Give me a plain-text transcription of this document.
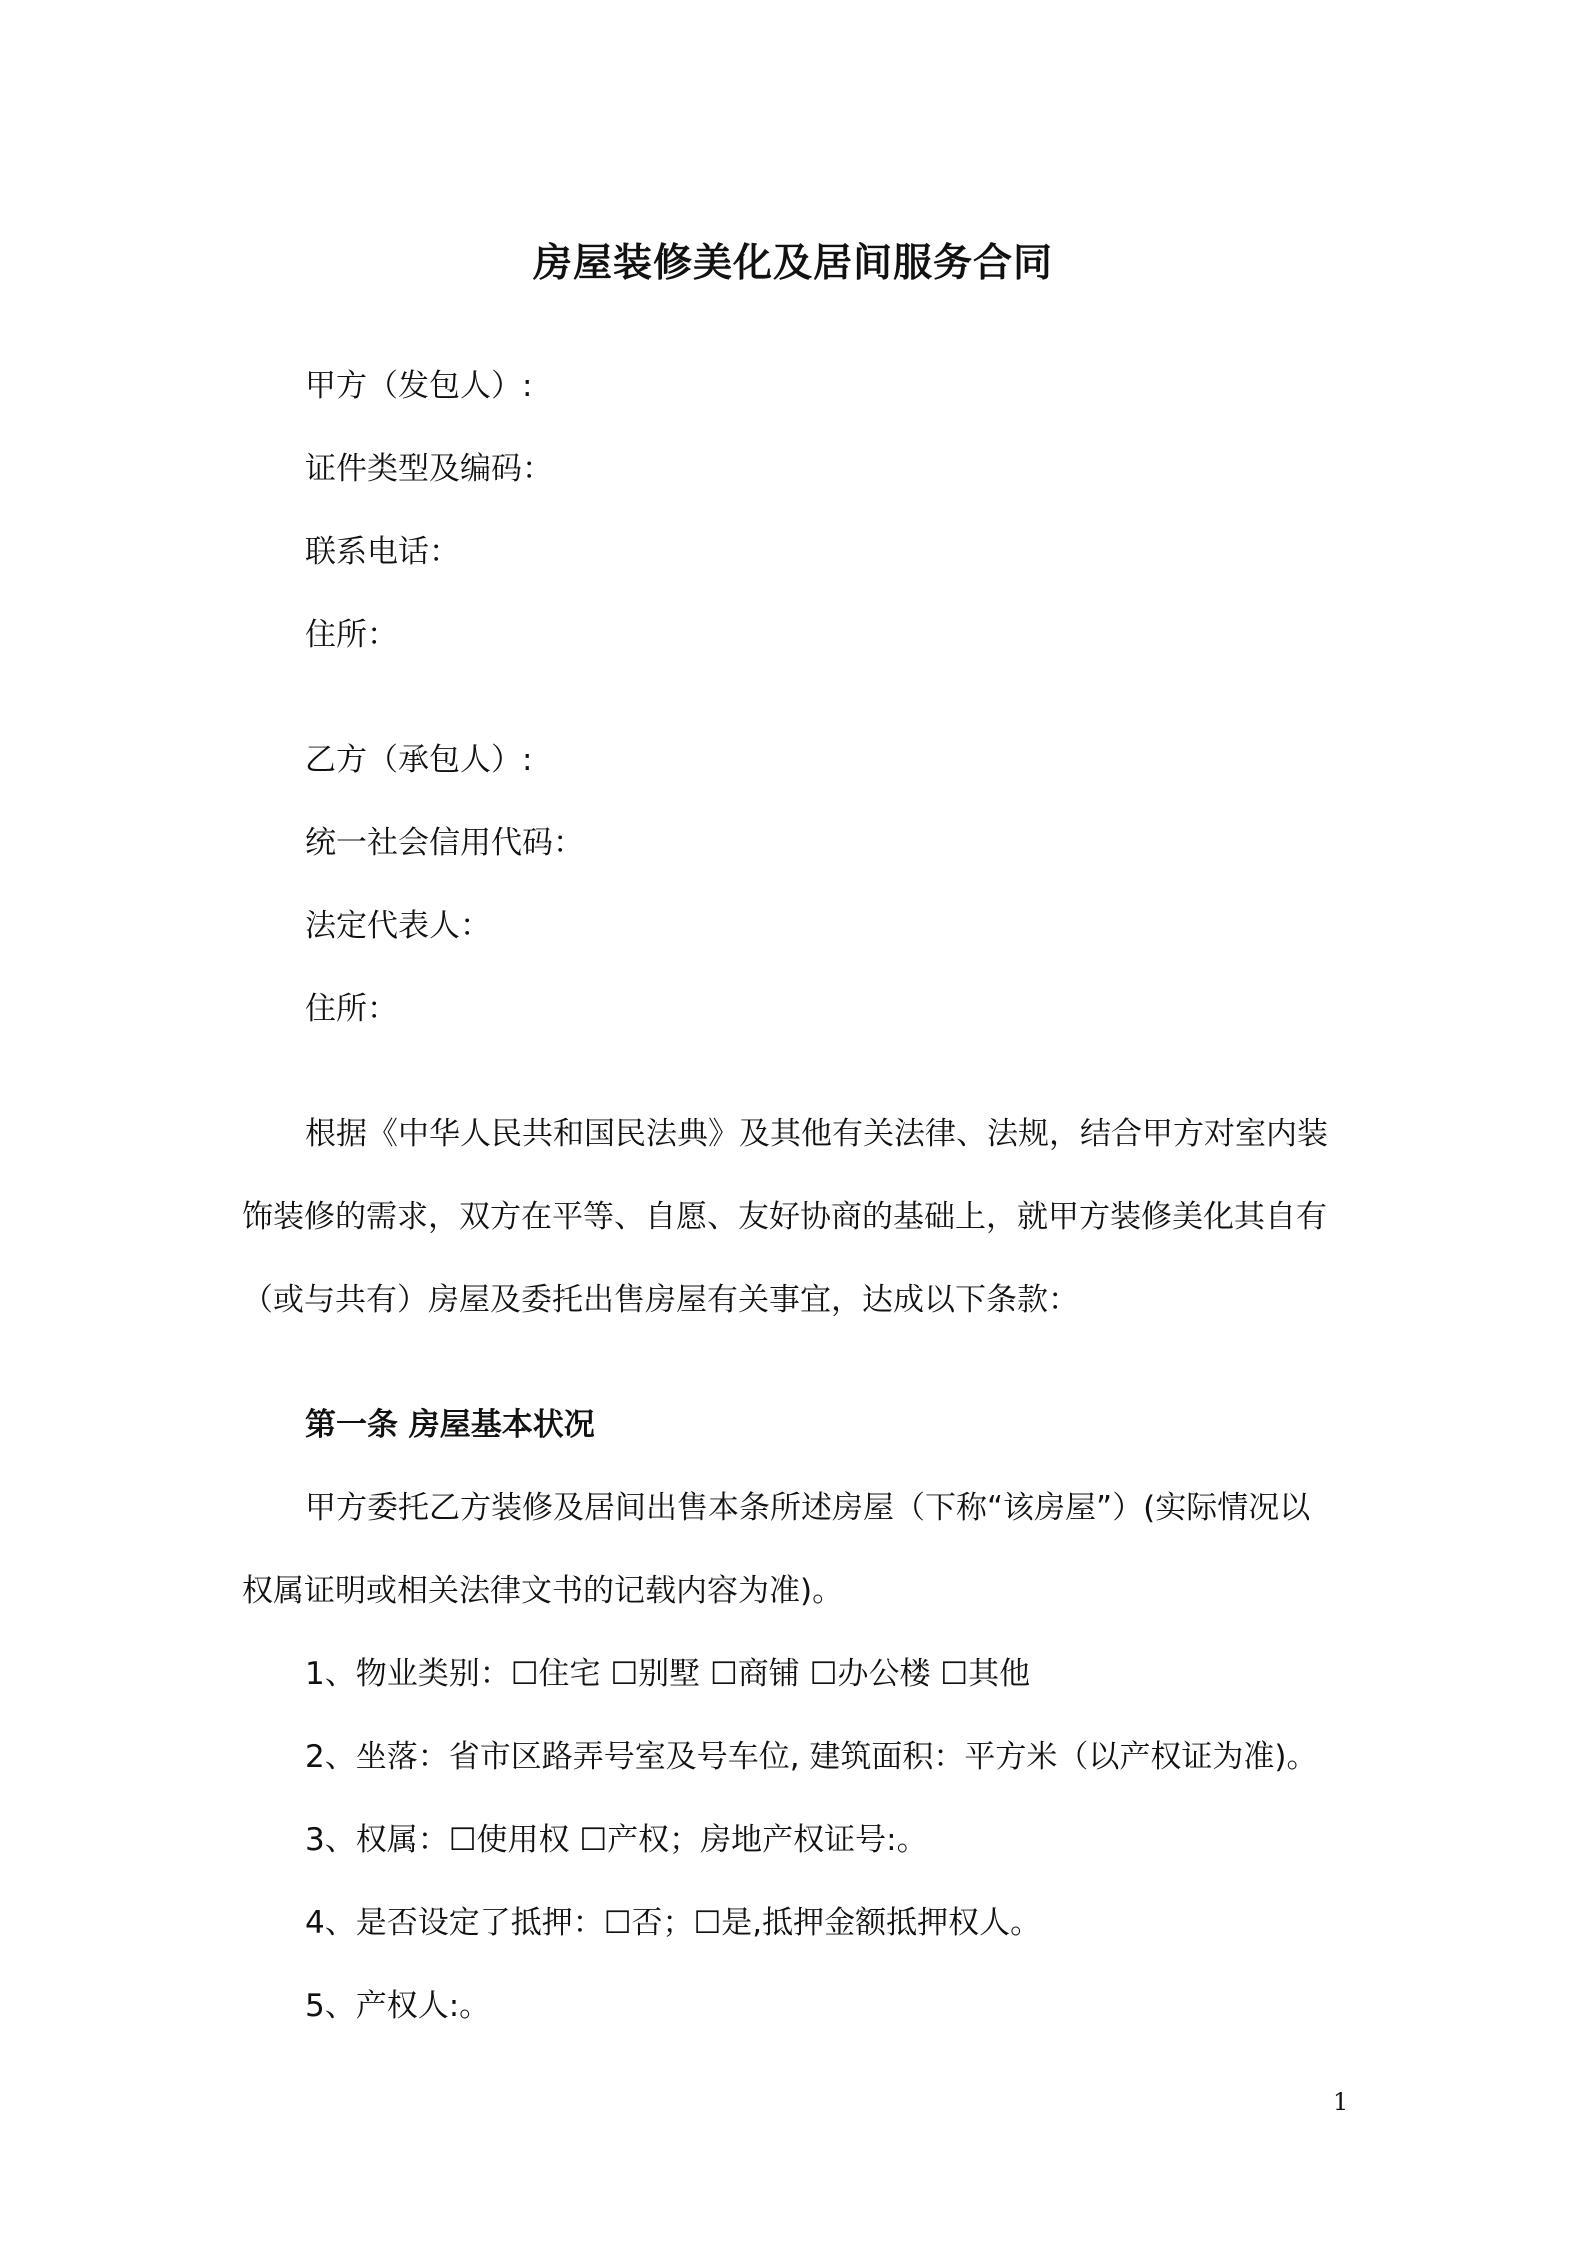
房屋装修美化及居间服务合同
甲方（发包人）:
证件类型及编码：
联系电话：
住所：
乙方（承包人）:
统一社会信用代码：
法定代表人：
住所：
根据《中华人民共和国民法典》及其他有关法律、法规，结合甲方对室内装
饰装修的需求，双方在平等、自愿、友好协商的基础上，就甲方装修美化其自有
（或与共有）房屋及委托出售房屋有关事宜，达成以下条款：
第一条 房屋基本状况
甲方委托乙方装修及居间出售本条所述房屋（下称“该房屋”）(实际情况以
权属证明或相关法律文书的记载内容为准)。
1、物业类别：☐住宅 ☐别墅 ☐商铺 ☐办公楼 ☐其他
2、坐落：省市区路弄号室及号车位, 建筑面积：平方米（以产权证为准)。
3、权属：☐使用权 ☐产权；房地产权证号:。
4、是否设定了抵押：☐否；☐是,抵押金额抵押权人。
5、产权人:。
1
